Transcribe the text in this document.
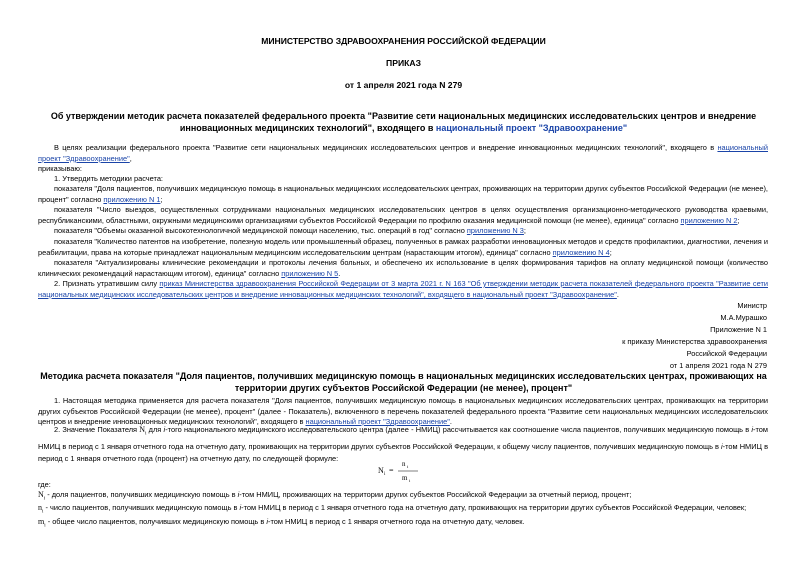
МИНИСТЕРСТВО ЗДРАВООХРАНЕНИЯ РОССИЙСКОЙ ФЕДЕРАЦИИ
ПРИКАЗ
от 1 апреля 2021 года N 279
Об утверждении методик расчета показателей федерального проекта "Развитие сети национальных медицинских исследовательских центров и внедрение
инновационных медицинских технологий", входящего в национальный проект "Здравоохранение"
В целях реализации федерального проекта "Развитие сети национальных медицинских исследовательских центров и внедрение инновационных медицинских технологий", входящего в национальный проект "Здравоохранение",
приказываю:
1. Утвердить методики расчета:
показателя "Доля пациентов, получивших медицинскую помощь в национальных медицинских исследовательских центрах, проживающих на территории других субъектов Российской Федерации (не менее), процент" согласно приложению N 1;
показателя "Число выездов, осуществленных сотрудниками национальных медицинских исследовательских центров в целях осуществления организационно-методического руководства краевыми, республиканскими, областными, окружными медицинскими организациями субъектов Российской Федерации по профилю оказания медицинской помощи (не менее), единица" согласно приложению N 2;
показателя "Объемы оказанной высокотехнологичной медицинской помощи населению, тыс. операций в год" согласно приложению N 3;
показателя "Количество патентов на изобретение, полезную модель или промышленный образец, полученных в рамках разработки инновационных методов и средств профилактики, диагностики, лечения и реабилитации, права на которые принадлежат национальным медицинским исследовательским центрам (нарастающим итогом), единица" согласно приложению N 4;
показателя "Актуализированы клинические рекомендации и протоколы лечения больных, и обеспечено их использование в целях формирования тарифов на оплату медицинской помощи (количество клинических рекомендаций нарастающим итогом), единица" согласно приложению N 5.
2. Признать утратившим силу приказ Министерства здравоохранения Российской Федерации от 3 марта 2021 г. N 163 "Об утверждении методик расчета показателей федерального проекта "Развитие сети национальных медицинских исследовательских центров и внедрение инновационных медицинских технологий", входящего в национальный проект "Здравоохранение".
Министр
М.А.Мурашко
Приложение N 1
к приказу Министерства здравоохранения
Российской Федерации
от 1 апреля 2021 года N 279
Методика расчета показателя "Доля пациентов, получивших медицинскую помощь в национальных медицинских исследовательских центрах, проживающих на
территории других субъектов Российской Федерации (не менее), процент"
1. Настоящая методика применяется для расчета показателя "Доля пациентов, получивших медицинскую помощь в национальных медицинских исследовательских центрах, проживающих на территории других субъектов Российской Федерации (не менее), процент" (далее - Показатель), включенного в перечень показателей федерального проекта "Развитие сети национальных медицинских исследовательских центров и внедрение инновационных медицинских технологий", входящего в национальный проект "Здравоохранение".
2. Значение Показателя $N_i$ для i-того национального медицинского исследовательского центра (далее - НМИЦ) рассчитывается как соотношение числа пациентов, получивших медицинскую помощь в i-том НМИЦ в период с 1 января отчетного года на отчетную дату, проживающих на территории других субъектов Российской Федерации, к общему числу пациентов, получивших медицинскую помощь в i-том НМИЦ в период с 1 января отчетного года (процент) на отчетную дату, по следующей формуле:
N i =
n i
m i
где:
$N_i$ - доля пациентов, получивших медицинскую помощь в i-том НМИЦ, проживающих на территории других субъектов Российской Федерации за отчетный период, процент;
$n_i$ - число пациентов, получивших медицинскую помощь в i-том НМИЦ в период с 1 января отчетного года на отчетную дату, проживающих на территории других субъектов Российской Федерации, человек;
$m_i$ - общее число пациентов, получивших медицинскую помощь в i-том НМИЦ в период с 1 января отчетного года на отчетную дату, человек.
